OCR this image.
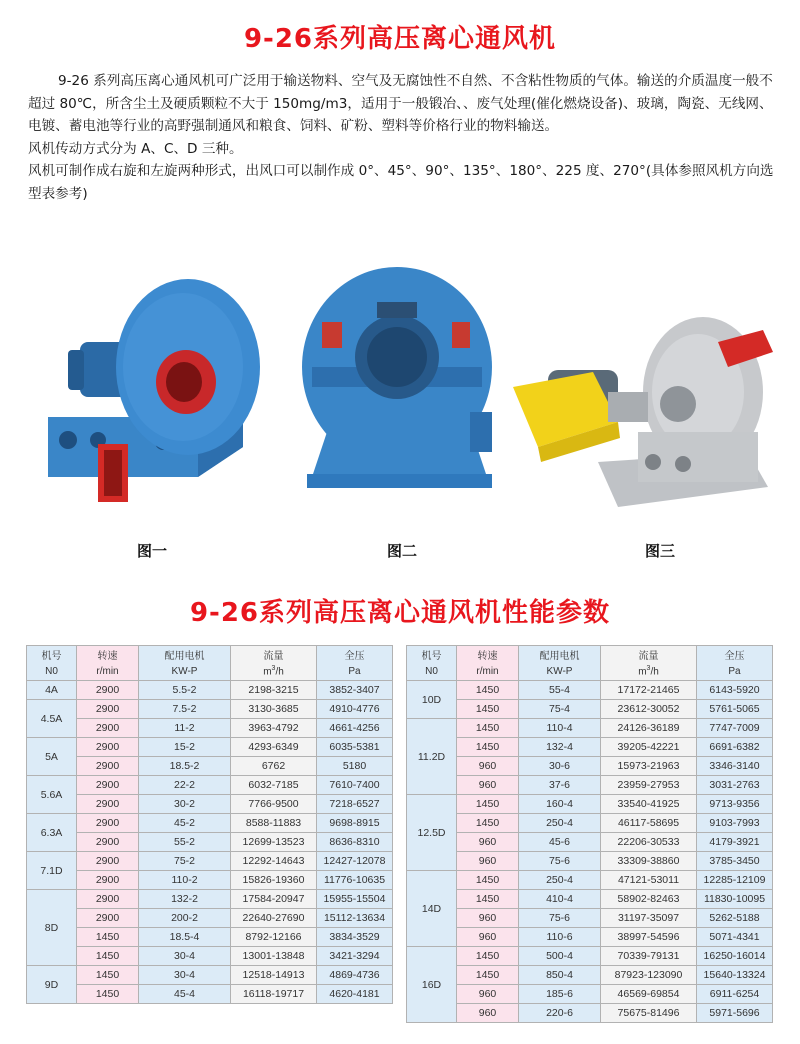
9-26系列高压离心通风机

9-26 系列高压离心通风机可广泛用于输送物料、空气及无腐蚀性不自然、不含粘性物质的气体。输送的介质温度一般不超过 80℃，所含尘土及硬质颗粒不大于 150mg/m3，适用于一般锻冶、、废气处理(催化燃烧设备)、玻璃，陶瓷、无线网、电镀、蓄电池等行业的高野强制通风和粮食、饲料、矿粉、塑料等价格行业的物料输送。

风机传动方式分为 A、C、D 三种。

风机可制作成右旋和左旋两种形式，出风口可以制作成 0°、45°、90°、135°、180°、225 度、270°(具体参照风机方向选型表参考)

图一	图二	图三
9-26系列高压离心通风机性能参数
机号	转速	配用电机	流量	全压
N0	r/min	KW-P	$m^3/h$	Pa
4A	2900	5.5-2	2198-3215	3852-3407
4.5A	2900	7.5-2	3130-3685	4910-4776
	2900	11-2	3963-4792	4661-4256
5A	2900	15-2	4293-6349	6035-5381
	2900	18.5-2	6762	5180
5.6A	2900	22-2	6032-7185	7610-7400
	2900	30-2	7766-9500	7218-6527
6.3A	2900	45-2	8588-11883	9698-8915
	2900	55-2	12699-13523	8636-8310
7.1D	2900	75-2	12292-14643	12427-12078
	2900	110-2	15826-19360	11776-10635
8D	2900	132-2	17584-20947	15955-15504
	2900	200-2	22640-27690	15112-13634
	1450	18.5-4	8792-12166	3834-3529
	1450	30-4	13001-13848	3421-3294
9D	1450	30-4	12518-14913	4869-4736
	1450	45-4	16118-19717	4620-4181
机号	转速	配用电机	流量	全压
N0	r/min	KW-P	$m^3/h$	Pa
10D	1450	55-4	17172-21465	6143-5920
	1450	75-4	23612-30052	5761-5065
11.2D	1450	110-4	24126-36189	7747-7009
	1450	132-4	39205-42221	6691-6382
	960	30-6	15973-21963	3346-3140
	960	37-6	23959-27953	3031-2763
12.5D	1450	160-4	33540-41925	9713-9356
	1450	250-4	46117-58695	9103-7993
	960	45-6	22206-30533	4179-3921
	960	75-6	33309-38860	3785-3450
14D	1450	250-4	47121-53011	12285-12109
	1450	410-4	58902-82463	11830-10095
	960	75-6	31197-35097	5262-5188
	960	110-6	38997-54596	5071-4341
16D	1450	500-4	70339-79131	16250-16014
	1450	850-4	87923-123090	15640-13324
	960	185-6	46569-69854	6911-6254
	960	220-6	75675-81496	5971-5696
